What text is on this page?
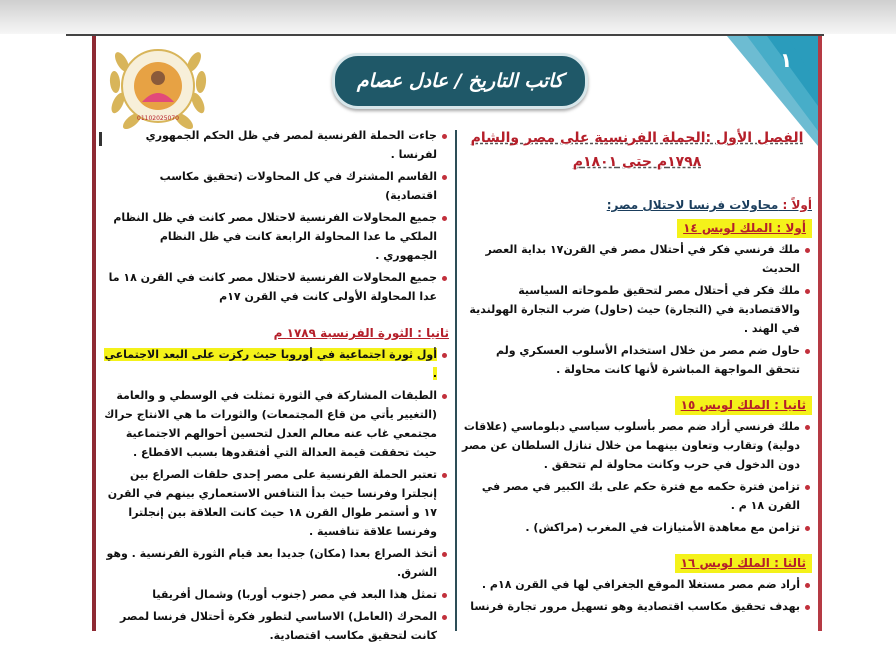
١
01102025070
كاتب التاريخ / عادل عصام
الفصل الأول :الحملة الفرنسية على مصر والشام
١٧٩٨م حتى ١٨٠١م
أولاً : محاولات فرنسا لاحتلال مصر:
أولا : الملك لويس ١٤
ملك فرنسي فكر في أحتلال مصر في القرن١٧ بداية العصر الحديث
ملك فكر في أحتلال مصر لتحقيق طموحاته السياسية والاقتصادية في (التجارة) حيث (حاول) ضرب التجارة الهولندية في الهند .
حاول ضم مصر من خلال استخدام الأسلوب العسكري ولم تتحقق المواجهة المباشرة لأنها كانت محاولة .
ثانيا : الملك لويس ١٥
ملك فرنسي أراد ضم مصر بأسلوب سياسي دبلوماسي (علاقات دولية) وتقارب وتعاون بينهما من خلال تنازل السلطان عن مصر دون الدخول في حرب وكانت محاولة لم تتحقق .
تزامن فترة حكمه مع فترة حكم على بك الكبير في مصر في القرن ١٨ م .
تزامن مع معاهدة الأمتيازات في المغرب (مراكش) .
ثالثا : الملك لويس ١٦
أراد ضم مصر مستغلا الموقع الجغرافي لها في القرن ١٨م .
بهدف تحقيق مكاسب اقتصادية وهو تسهيل مرور تجارة فرنسا
جاءت الحملة الفرنسية لمصر في ظل الحكم الجمهوري لفرنسا .
القاسم المشترك في كل المحاولات (تحقيق مكاسب اقتصادية)
جميع المحاولات الفرنسية لاحتلال مصر كانت في ظل النظام الملكي ما عدا المحاولة الرابعة كانت في ظل النظام الجمهوري .
جميع المحاولات الفرنسية لاحتلال مصر كانت في القرن ١٨ ما عدا المحاولة الأولى كانت في القرن ١٧م
ثانيا : الثورة الفرنسية ١٧٨٩ م
أول ثورة اجتماعية في أوروبا حيث ركزت على البعد الاجتماعي .
الطبقات المشاركة في الثورة تمثلت في الوسطي و والعامة (التغيير يأتي من قاع المجتمعات) والثورات ما هي الانتاج حراك مجتمعي غاب عنه معالم العدل لتحسين أحوالهم الاجتماعية حيث تحققت قيمة العدالة التي أفتقدوها بسبب الاقطاع .
تعتبر الحملة الفرنسية على مصر إحدى حلقات الصراع بين إنجلترا وفرنسا حيث بدأ التنافس الاستعماري بينهم في القرن ١٧ و أستمر طوال القرن ١٨ حيث كانت العلاقة بين إنجلترا وفرنسا علاقة تنافسية .
أتخذ الصراع بعدا (مكان) جديدا بعد قيام الثورة الفرنسية . وهو الشرق.
تمثل هذا البعد في مصر (جنوب أوربا) وشمال أفريقيا
المحرك (العامل) الاساسي لتطور فكرة أحتلال فرنسا لمصر كانت لتحقيق مكاسب اقتصادية.
